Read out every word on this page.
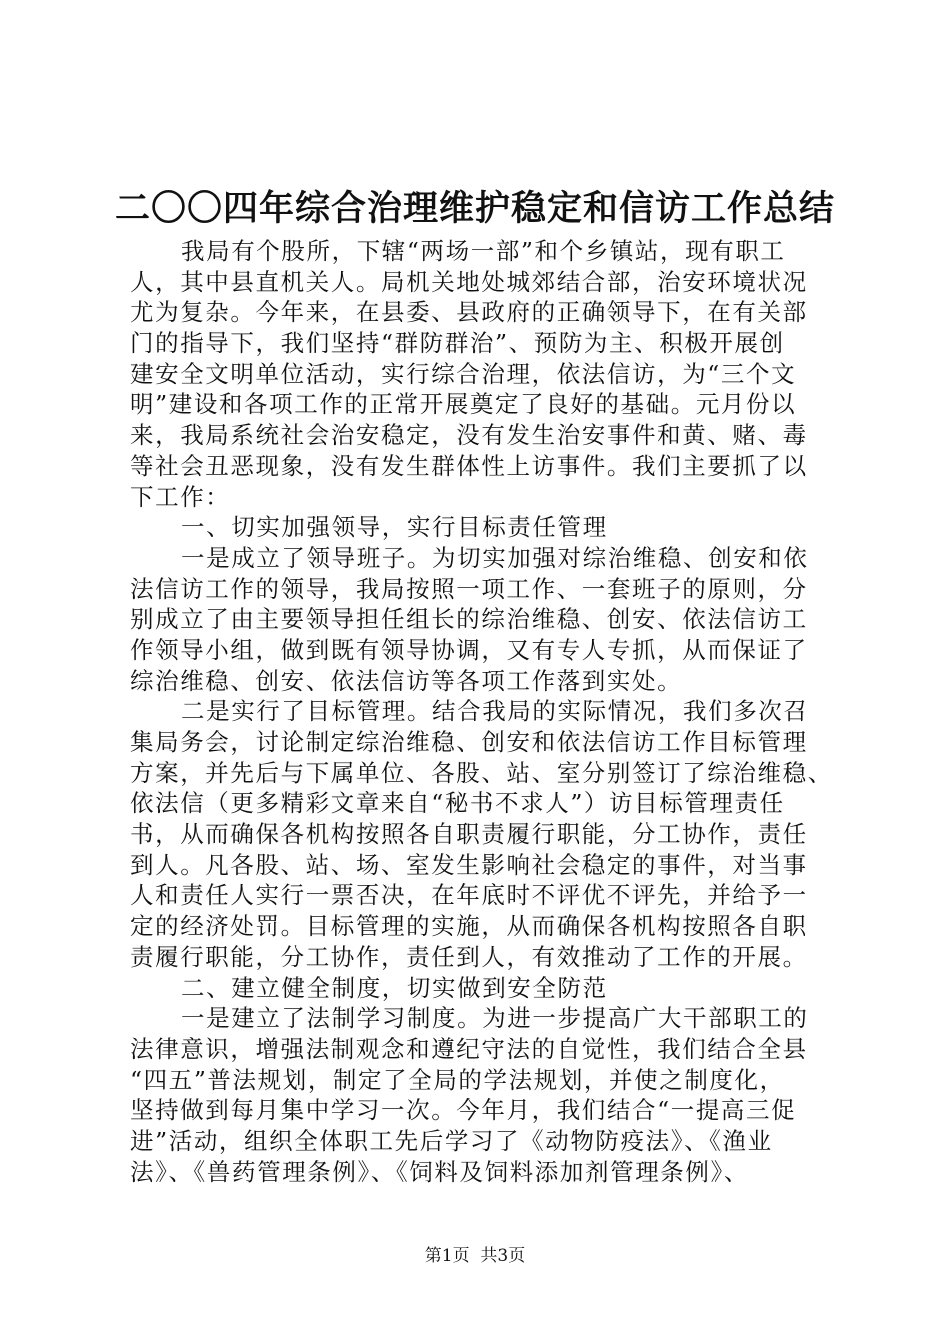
二〇〇四年综合治理维护稳定和信访工作总结
我局有个股所，下辖“两场一部”和个乡镇站，现有职工
人，其中县直机关人。局机关地处城郊结合部，治安环境状况
尤为复杂。今年来，在县委、县政府的正确领导下，在有关部
门的指导下，我们坚持“群防群治”、预防为主、积极开展创
建安全文明单位活动，实行综合治理，依法信访，为“三个文
明”建设和各项工作的正常开展奠定了良好的基础。元月份以
来，我局系统社会治安稳定，没有发生治安事件和黄、赌、毒
等社会丑恶现象，没有发生群体性上访事件。我们主要抓了以
下工作：
一、切实加强领导，实行目标责任管理
一是成立了领导班子。为切实加强对综治维稳、创安和依
法信访工作的领导，我局按照一项工作、一套班子的原则，分
别成立了由主要领导担任组长的综治维稳、创安、依法信访工
作领导小组，做到既有领导协调，又有专人专抓，从而保证了
综治维稳、创安、依法信访等各项工作落到实处。
二是实行了目标管理。结合我局的实际情况，我们多次召
集局务会，讨论制定综治维稳、创安和依法信访工作目标管理
方案，并先后与下属单位、各股、站、室分别签订了综治维稳、
依法信（更多精彩文章来自“秘书不求人”）访目标管理责任
书，从而确保各机构按照各自职责履行职能，分工协作，责任
到人。凡各股、站、场、室发生影响社会稳定的事件，对当事
人和责任人实行一票否决，在年底时不评优不评先，并给予一
定的经济处罚。目标管理的实施，从而确保各机构按照各自职
责履行职能，分工协作，责任到人，有效推动了工作的开展。
二、建立健全制度，切实做到安全防范
一是建立了法制学习制度。为进一步提高广大干部职工的
法律意识，增强法制观念和遵纪守法的自觉性，我们结合全县
“四五”普法规划，制定了全局的学法规划，并使之制度化，
坚持做到每月集中学习一次。今年月，我们结合“一提高三促
进”活动，组织全体职工先后学习了《动物防疫法》、《渔业
法》、《兽药管理条例》、《饲料及饲料添加剂管理条例》、
第1页  共3页
